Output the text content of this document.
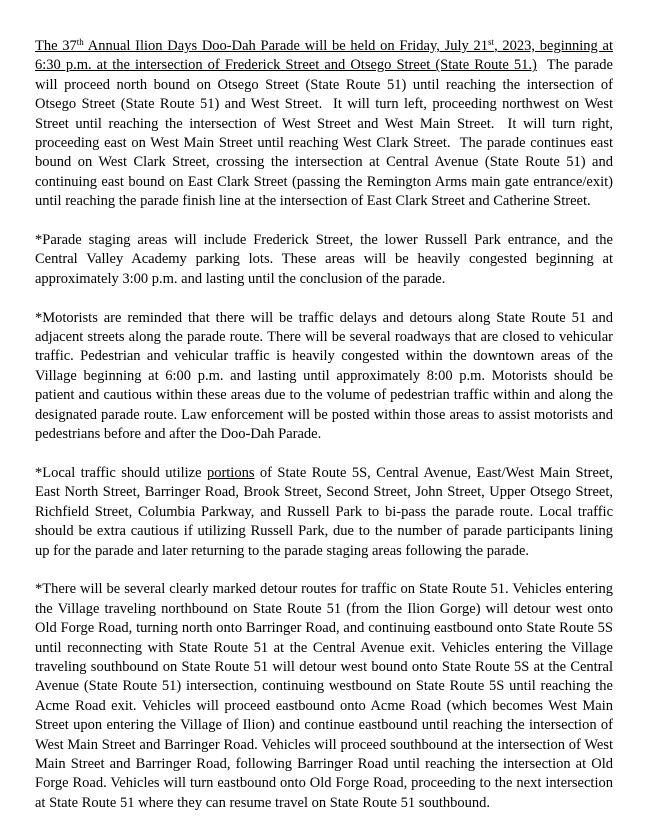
The 37th Annual Ilion Days Doo-Dah Parade will be held on Friday, July 21st, 2023, beginning at 6:30 p.m. at the intersection of Frederick Street and Otsego Street (State Route 51.)  The parade will proceed north bound on Otsego Street (State Route 51) until reaching the intersection of Otsego Street (State Route 51) and West Street.  It will turn left, proceeding northwest on West Street until reaching the intersection of West Street and West Main Street.  It will turn right, proceeding east on West Main Street until reaching West Clark Street.  The parade continues east bound on West Clark Street, crossing the intersection at Central Avenue (State Route 51) and continuing east bound on East Clark Street (passing the Remington Arms main gate entrance/exit) until reaching the parade finish line at the intersection of East Clark Street and Catherine Street.

*Parade staging areas will include Frederick Street, the lower Russell Park entrance, and the Central Valley Academy parking lots. These areas will be heavily congested beginning at approximately 3:00 p.m. and lasting until the conclusion of the parade.

*Motorists are reminded that there will be traffic delays and detours along State Route 51 and adjacent streets along the parade route. There will be several roadways that are closed to vehicular traffic. Pedestrian and vehicular traffic is heavily congested within the downtown areas of the Village beginning at 6:00 p.m. and lasting until approximately 8:00 p.m. Motorists should be patient and cautious within these areas due to the volume of pedestrian traffic within and along the designated parade route. Law enforcement will be posted within those areas to assist motorists and pedestrians before and after the Doo-Dah Parade.

*Local traffic should utilize portions of State Route 5S, Central Avenue, East/West Main Street, East North Street, Barringer Road, Brook Street, Second Street, John Street, Upper Otsego Street, Richfield Street, Columbia Parkway, and Russell Park to bi-pass the parade route. Local traffic should be extra cautious if utilizing Russell Park, due to the number of parade participants lining up for the parade and later returning to the parade staging areas following the parade.

*There will be several clearly marked detour routes for traffic on State Route 51. Vehicles entering the Village traveling northbound on State Route 51 (from the Ilion Gorge) will detour west onto Old Forge Road, turning north onto Barringer Road, and continuing eastbound onto State Route 5S until reconnecting with State Route 51 at the Central Avenue exit. Vehicles entering the Village traveling southbound on State Route 51 will detour west bound onto State Route 5S at the Central Avenue (State Route 51) intersection, continuing westbound on State Route 5S until reaching the Acme Road exit. Vehicles will proceed eastbound onto Acme Road (which becomes West Main Street upon entering the Village of Ilion) and continue eastbound until reaching the intersection of West Main Street and Barringer Road. Vehicles will proceed southbound at the intersection of West Main Street and Barringer Road, following Barringer Road until reaching the intersection at Old Forge Road. Vehicles will turn eastbound onto Old Forge Road, proceeding to the next intersection at State Route 51 where they can resume travel on State Route 51 southbound.
